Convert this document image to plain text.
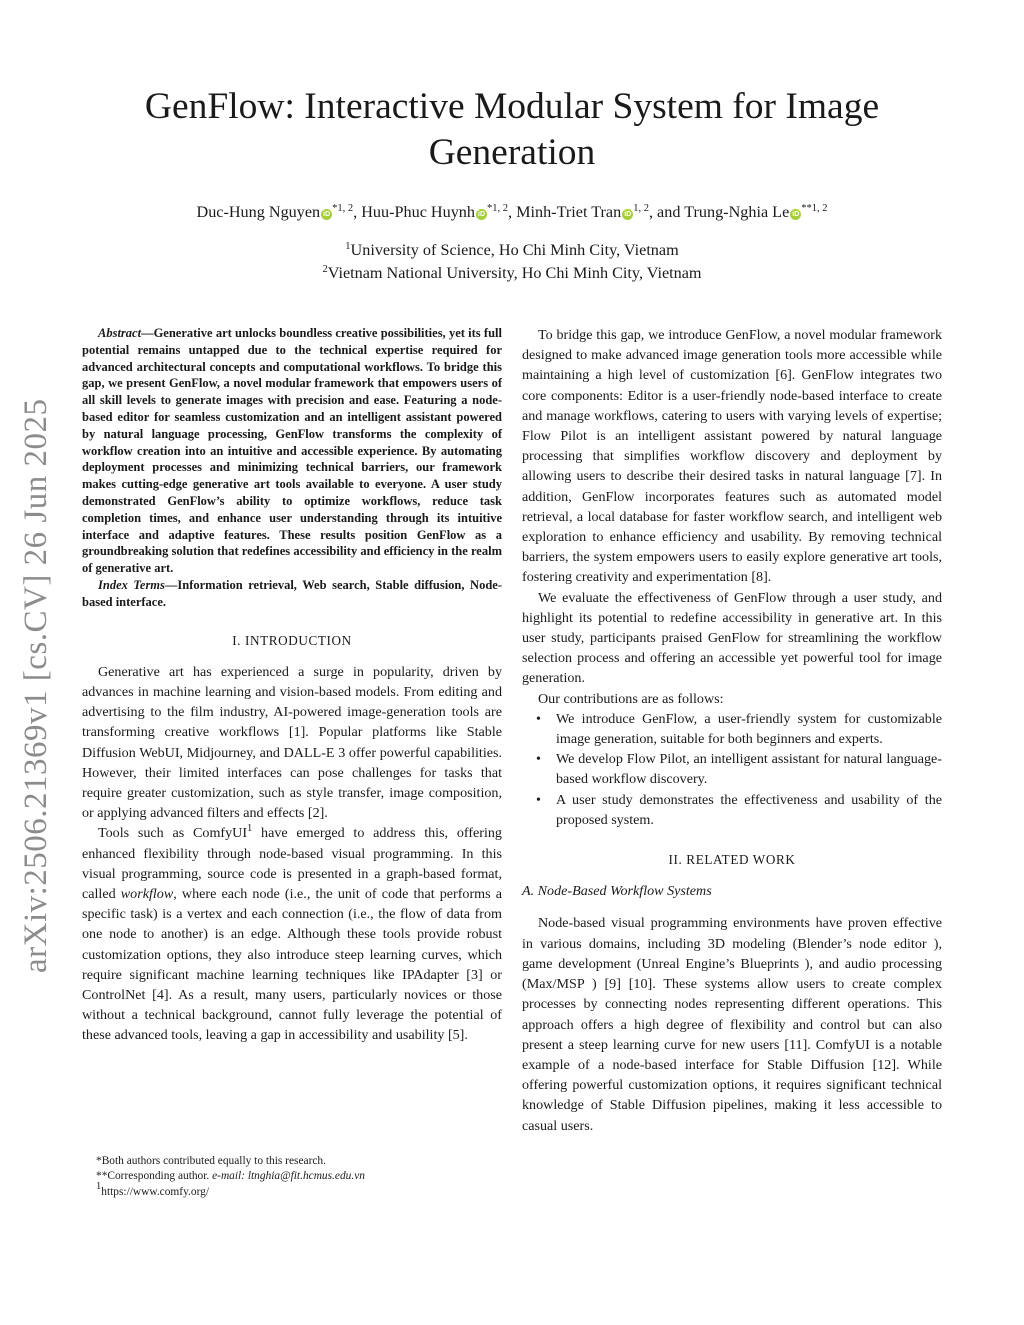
arXiv:2506.21369v1 [cs.CV] 26 Jun 2025
GenFlow: Interactive Modular System for Image Generation
Duc-Hung Nguyen iD$^{*1, 2}$, Huu-Phuc Huynh iD$^{*1, 2}$, Minh-Triet Tran iD$^{1, 2}$, and Trung-Nghia Le iD$^{**1, 2}$
$^1$University of Science, Ho Chi Minh City, Vietnam
$^2$Vietnam National University, Ho Chi Minh City, Vietnam

Abstract—Generative art unlocks boundless creative possibilities, yet its full potential remains untapped due to the technical expertise required for advanced architectural concepts and computational workflows. To bridge this gap, we present GenFlow, a novel modular framework that empowers users of all skill levels to generate images with precision and ease. Featuring a node-based editor for seamless customization and an intelligent assistant powered by natural language processing, GenFlow transforms the complexity of workflow creation into an intuitive and accessible experience. By automating deployment processes and minimizing technical barriers, our framework makes cutting-edge generative art tools available to everyone. A user study demonstrated GenFlow’s ability to optimize workflows, reduce task completion times, and enhance user understanding through its intuitive interface and adaptive features. These results position GenFlow as a groundbreaking solution that redefines accessibility and efficiency in the realm of generative art.

Index Terms—Information retrieval, Web search, Stable diffusion, Node-based interface.

I. INTRODUCTION

Generative art has experienced a surge in popularity, driven by advances in machine learning and vision-based models. From editing and advertising to the film industry, AI-powered image-generation tools are transforming creative workflows [1]. Popular platforms like Stable Diffusion WebUI, Midjourney, and DALL-E 3 offer powerful capabilities. However, their limited interfaces can pose challenges for tasks that require greater customization, such as style transfer, image composition, or applying advanced filters and effects [2].

Tools such as ComfyUI$^1$ have emerged to address this, offering enhanced flexibility through node-based visual programming. In this visual programming, source code is presented in a graph-based format, called workflow, where each node (i.e., the unit of code that performs a specific task) is a vertex and each connection (i.e., the flow of data from one node to another) is an edge. Although these tools provide robust customization options, they also introduce steep learning curves, which require significant machine learning techniques like IPAdapter [3] or ControlNet [4]. As a result, many users, particularly novices or those without a technical background, cannot fully leverage the potential of these advanced tools, leaving a gap in accessibility and usability [5].

*Both authors contributed equally to this research.
**Corresponding author. e-mail: ltnghia@fit.hcmus.edu.vn
$^1$https://www.comfy.org/

To bridge this gap, we introduce GenFlow, a novel modular framework designed to make advanced image generation tools more accessible while maintaining a high level of customization [6]. GenFlow integrates two core components: Editor is a user-friendly node-based interface to create and manage workflows, catering to users with varying levels of expertise; Flow Pilot is an intelligent assistant powered by natural language processing that simplifies workflow discovery and deployment by allowing users to describe their desired tasks in natural language [7]. In addition, GenFlow incorporates features such as automated model retrieval, a local database for faster workflow search, and intelligent web exploration to enhance efficiency and usability. By removing technical barriers, the system empowers users to easily explore generative art tools, fostering creativity and experimentation [8].

We evaluate the effectiveness of GenFlow through a user study, and highlight its potential to redefine accessibility in generative art. In this user study, participants praised GenFlow for streamlining the workflow selection process and offering an accessible yet powerful tool for image generation.

Our contributions are as follows:

• We introduce GenFlow, a user-friendly system for customizable image generation, suitable for both beginners and experts.
• We develop Flow Pilot, an intelligent assistant for natural language-based workflow discovery.
• A user study demonstrates the effectiveness and usability of the proposed system.
II. RELATED WORK
A. Node-Based Workflow Systems

Node-based visual programming environments have proven effective in various domains, including 3D modeling (Blender’s node editor ), game development (Unreal Engine’s Blueprints ), and audio processing (Max/MSP ) [9] [10]. These systems allow users to create complex processes by connecting nodes representing different operations. This approach offers a high degree of flexibility and control but can also present a steep learning curve for new users [11]. ComfyUI is a notable example of a node-based interface for Stable Diffusion [12]. While offering powerful customization options, it requires significant technical knowledge of Stable Diffusion pipelines, making it less accessible to casual users.
